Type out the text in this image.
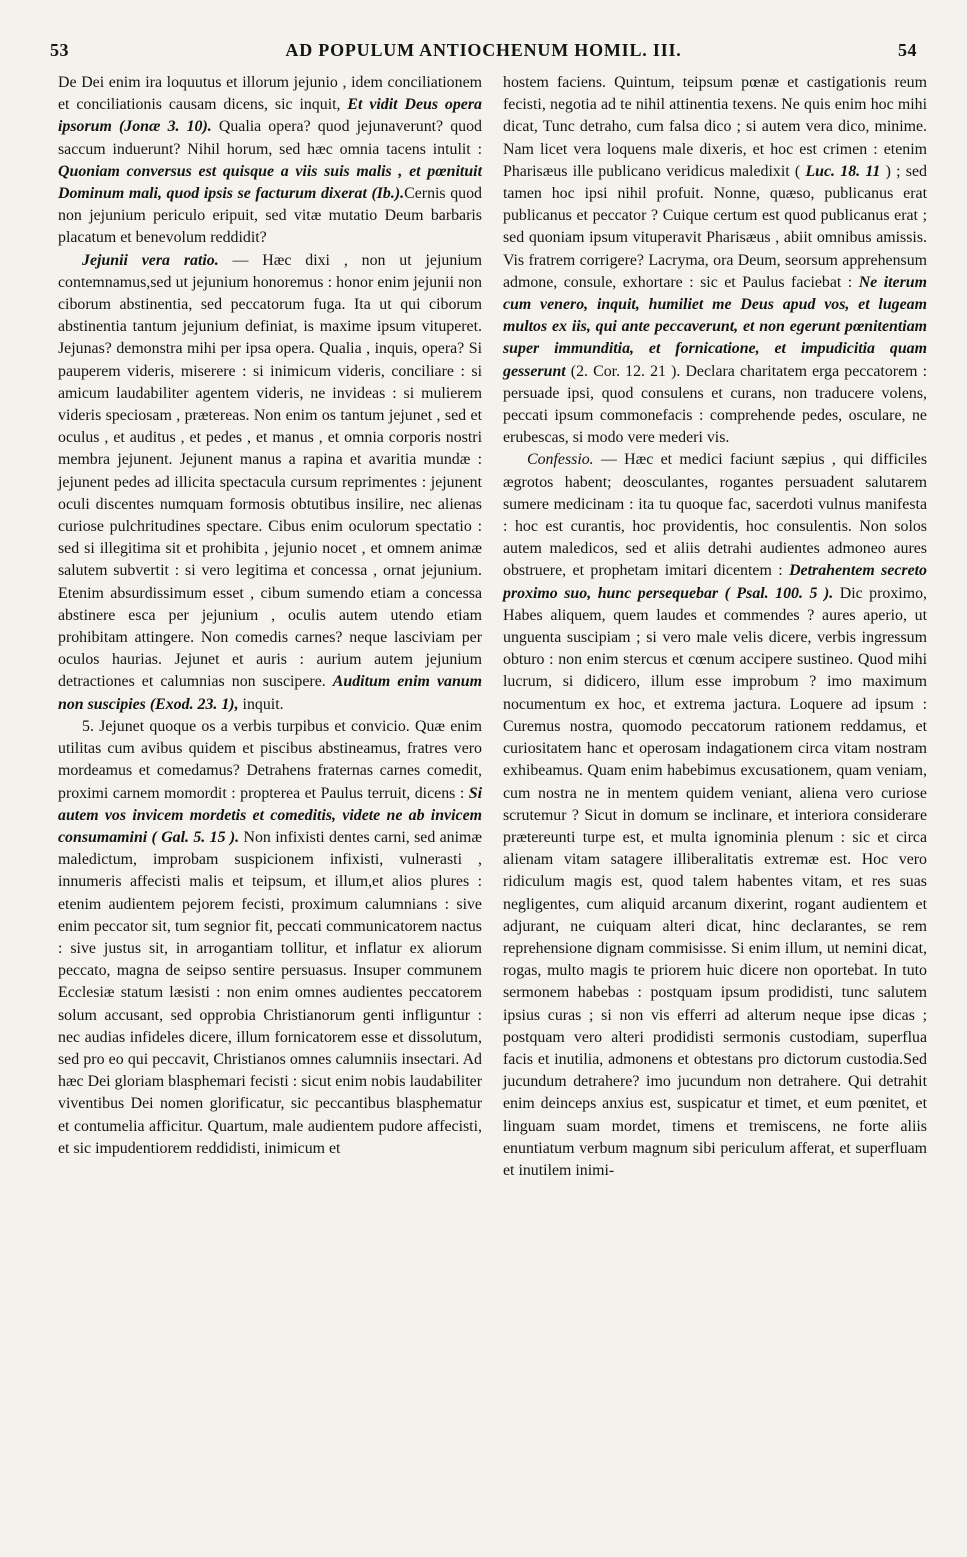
53	AD POPULUM ANTIOCHENUM HOMIL. III.	54

De Dei enim ira loquutus et illorum jejunio , idem conciliationem et conciliationis causam dicens, sic inquit, Et vidit Deus opera ipsorum (Jonæ 3. 10). Qualia opera? quod jejunaverunt? quod saccum induerunt? Nihil horum, sed hæc omnia tacens intulit : Quoniam conversus est quisque a viis suis malis , et pœnituit Dominum mali, quod ipsis se facturum dixerat (Ib.).Cernis quod non jejunium periculo eripuit, sed vitæ mutatio Deum barbaris placatum et benevolum reddidit?

Jejunii vera ratio. — Hæc dixi , non ut jejunium contemnamus,sed ut jejunium honoremus : honor enim jejunii non ciborum abstinentia, sed peccatorum fuga. Ita ut qui ciborum abstinentia tantum jejunium definiat, is maxime ipsum vituperet. Jejunas? demonstra mihi per ipsa opera. Qualia , inquis, opera? Si pauperem videris, miserere : si inimicum videris, conciliare : si amicum laudabiliter agentem videris, ne invideas : si mulierem videris speciosam , prætereas. Non enim os tantum jejunet , sed et oculus , et auditus , et pedes , et manus , et omnia corporis nostri membra jejunent. Jejunent manus a rapina et avaritia mundæ : jejunent pedes ad illicita spectacula cursum reprimentes : jejunent oculi discentes numquam formosis obtutibus insilire, nec alienas curiose pulchritudines spectare. Cibus enim oculorum spectatio : sed si illegitima sit et prohibita , jejunio nocet , et omnem animæ salutem subvertit : si vero legitima et concessa , ornat jejunium. Etenim absurdissimum esset , cibum sumendo etiam a concessa abstinere esca per jejunium , oculis autem utendo etiam prohibitam attingere. Non comedis carnes? neque lasciviam per oculos haurias. Jejunet et auris : aurium autem jejunium detractiones et calumnias non suscipere. Auditum enim vanum non suscipies (Exod. 23. 1), inquit.

5. Jejunet quoque os a verbis turpibus et convicio. Quæ enim utilitas cum avibus quidem et piscibus abstineamus, fratres vero mordeamus et comedamus? Detrahens fraternas carnes comedit, proximi carnem momordit : propterea et Paulus terruit, dicens : Si autem vos invicem mordetis et comeditis, videte ne ab invicem consumamini ( Gal. 5. 15 ). Non infixisti dentes carni, sed animæ maledictum, improbam suspicionem infixisti, vulnerasti , innumeris affecisti malis et teipsum, et illum,et alios plures : etenim audientem pejorem fecisti, proximum calumnians : sive enim peccator sit, tum segnior fit, peccati communicatorem nactus : sive justus sit, in arrogantiam tollitur, et inflatur ex aliorum peccato, magna de seipso sentire persuasus. Insuper communem Ecclesiæ statum læsisti : non enim omnes audientes peccatorem solum accusant, sed opprobia Christianorum genti infliguntur : nec audias infideles dicere, illum fornicatorem esse et dissolutum, sed pro eo qui peccavit, Christianos omnes calumniis insectari. Ad hæc Dei gloriam blasphemari fecisti : sicut enim nobis laudabiliter viventibus Dei nomen glorificatur, sic peccantibus blasphematur et contumelia afficitur. Quartum, male audientem pudore affecisti, et sic impudentiorem reddidisti, inimicum et

hostem faciens. Quintum, teipsum pœnæ et castigationis reum fecisti, negotia ad te nihil attinentia texens. Ne quis enim hoc mihi dicat, Tunc detraho, cum falsa dico ; si autem vera dico, minime. Nam licet vera loquens male dixeris, et hoc est crimen : etenim Pharisæus ille publicano veridicus maledixit ( Luc. 18. 11 ) ; sed tamen hoc ipsi nihil profuit. Nonne, quæso, publicanus erat publicanus et peccator ? Cuique certum est quod publicanus erat ; sed quoniam ipsum vituperavit Pharisæus , abiit omnibus amissis. Vis fratrem corrigere? Lacryma, ora Deum, seorsum apprehensum admone, consule, exhortare : sic et Paulus faciebat : Ne iterum cum venero, inquit, humiliet me Deus apud vos, et lugeam multos ex iis, qui ante peccaverunt, et non egerunt pœnitentiam super immunditia, et fornicatione, et impudicitia quam gesserunt (2. Cor. 12. 21 ). Declara charitatem erga peccatorem : persuade ipsi, quod consulens et curans, non traducere volens, peccati ipsum commonefacis : comprehende pedes, osculare, ne erubescas, si modo vere mederi vis.

Confessio. — Hæc et medici faciunt sæpius , qui difficiles ægrotos habent; deosculantes, rogantes persuadent salutarem sumere medicinam : ita tu quoque fac, sacerdoti vulnus manifesta : hoc est curantis, hoc providentis, hoc consulentis. Non solos autem maledicos, sed et aliis detrahi audientes admoneo aures obstruere, et prophetam imitari dicentem : Detrahentem secreto proximo suo, hunc persequebar ( Psal. 100. 5 ). Dic proximo, Habes aliquem, quem laudes et commendes ? aures aperio, ut unguenta suscipiam ; si vero male velis dicere, verbis ingressum obturo : non enim stercus et cœnum accipere sustineo. Quod mihi lucrum, si didicero, illum esse improbum ? imo maximum nocumentum ex hoc, et extrema jactura. Loquere ad ipsum : Curemus nostra, quomodo peccatorum rationem reddamus, et curiositatem hanc et operosam indagationem circa vitam nostram exhibeamus. Quam enim habebimus excusationem, quam veniam, cum nostra ne in mentem quidem veniant, aliena vero curiose scrutemur ? Sicut in domum se inclinare, et interiora considerare prætereunti turpe est, et multa ignominia plenum : sic et circa alienam vitam satagere illiberalitatis extremæ est. Hoc vero ridiculum magis est, quod talem habentes vitam, et res suas negligentes, cum aliquid arcanum dixerint, rogant audientem et adjurant, ne cuiquam alteri dicat, hinc declarantes, se rem reprehensione dignam commisisse. Si enim illum, ut nemini dicat, rogas, multo magis te priorem huic dicere non oportebat. In tuto sermonem habebas : postquam ipsum prodidisti, tunc salutem ipsius curas ; si non vis efferri ad alterum neque ipse dicas ; postquam vero alteri prodidisti sermonis custodiam, superflua facis et inutilia, admonens et obtestans pro dictorum custodia.Sed jucundum detrahere? imo jucundum non detrahere. Qui detrahit enim deinceps anxius est, suspicatur et timet, et eum pœnitet, et linguam suam mordet, timens et tremiscens, ne forte aliis enuntiatum verbum magnum sibi periculum afferat, et superfluam et inutilem inimi-
